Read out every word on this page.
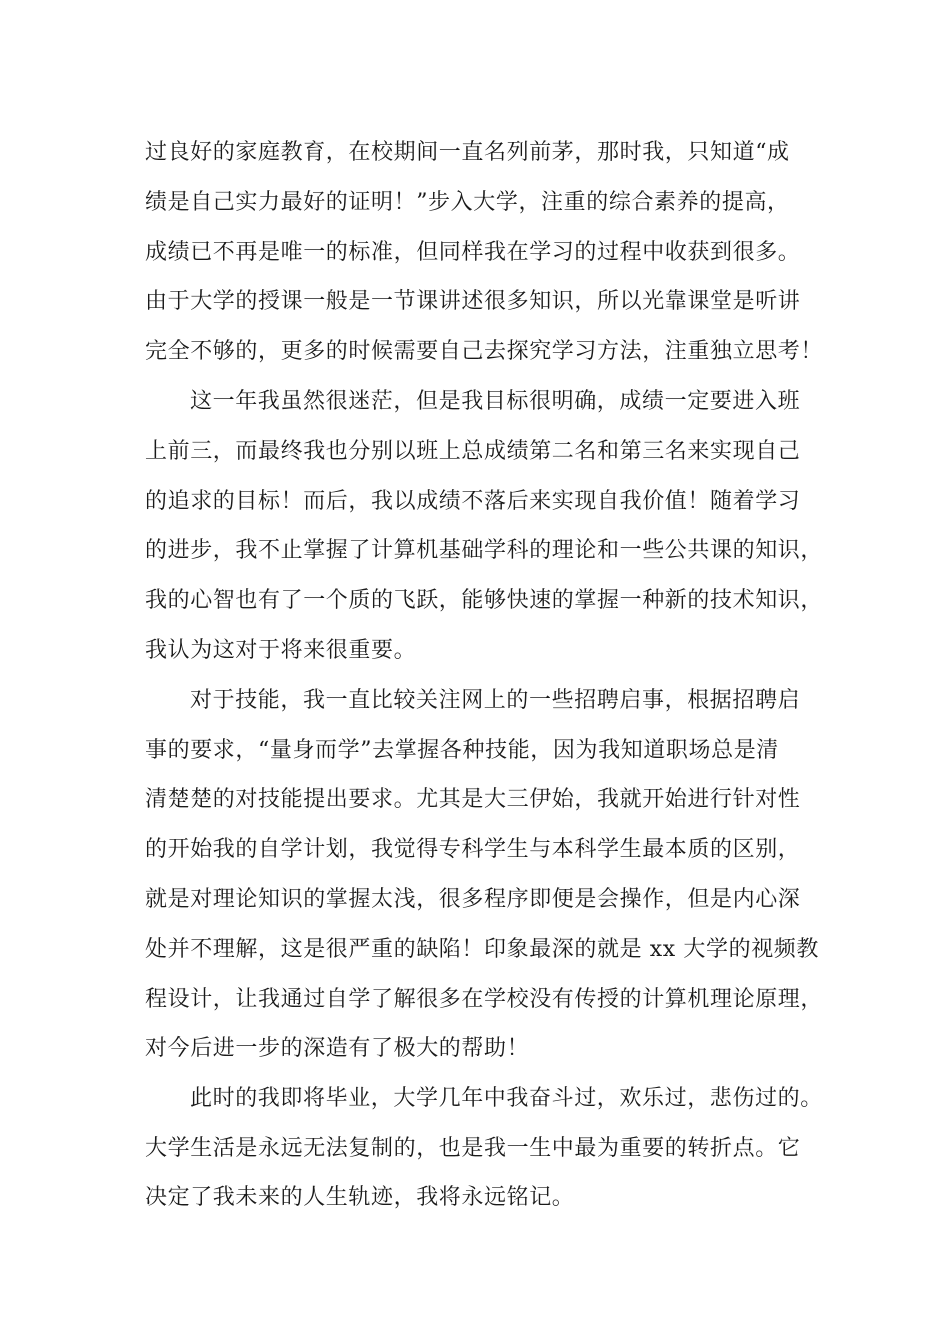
过良好的家庭教育，在校期间一直名列前茅，那时我，只知道“成
绩是自己实力最好的证明！”步入大学，注重的综合素养的提高，
成绩已不再是唯一的标准，但同样我在学习的过程中收获到很多。
由于大学的授课一般是一节课讲述很多知识，所以光靠课堂是听讲
完全不够的，更多的时候需要自己去探究学习方法，注重独立思考！
这一年我虽然很迷茫，但是我目标很明确，成绩一定要进入班
上前三，而最终我也分别以班上总成绩第二名和第三名来实现自己
的追求的目标！而后，我以成绩不落后来实现自我价值！随着学习
的进步，我不止掌握了计算机基础学科的理论和一些公共课的知识，
我的心智也有了一个质的飞跃，能够快速的掌握一种新的技术知识，
我认为这对于将来很重要。
对于技能，我一直比较关注网上的一些招聘启事，根据招聘启
事的要求，“量身而学”去掌握各种技能，因为我知道职场总是清
清楚楚的对技能提出要求。尤其是大三伊始，我就开始进行针对性
的开始我的自学计划，我觉得专科学生与本科学生最本质的区别，
就是对理论知识的掌握太浅，很多程序即便是会操作，但是内心深
处并不理解，这是很严重的缺陷！印象最深的就是 xx 大学的视频教
程设计，让我通过自学了解很多在学校没有传授的计算机理论原理，
对今后进一步的深造有了极大的帮助！
此时的我即将毕业，大学几年中我奋斗过，欢乐过，悲伤过的。
大学生活是永远无法复制的，也是我一生中最为重要的转折点。它
决定了我未来的人生轨迹，我将永远铭记。
